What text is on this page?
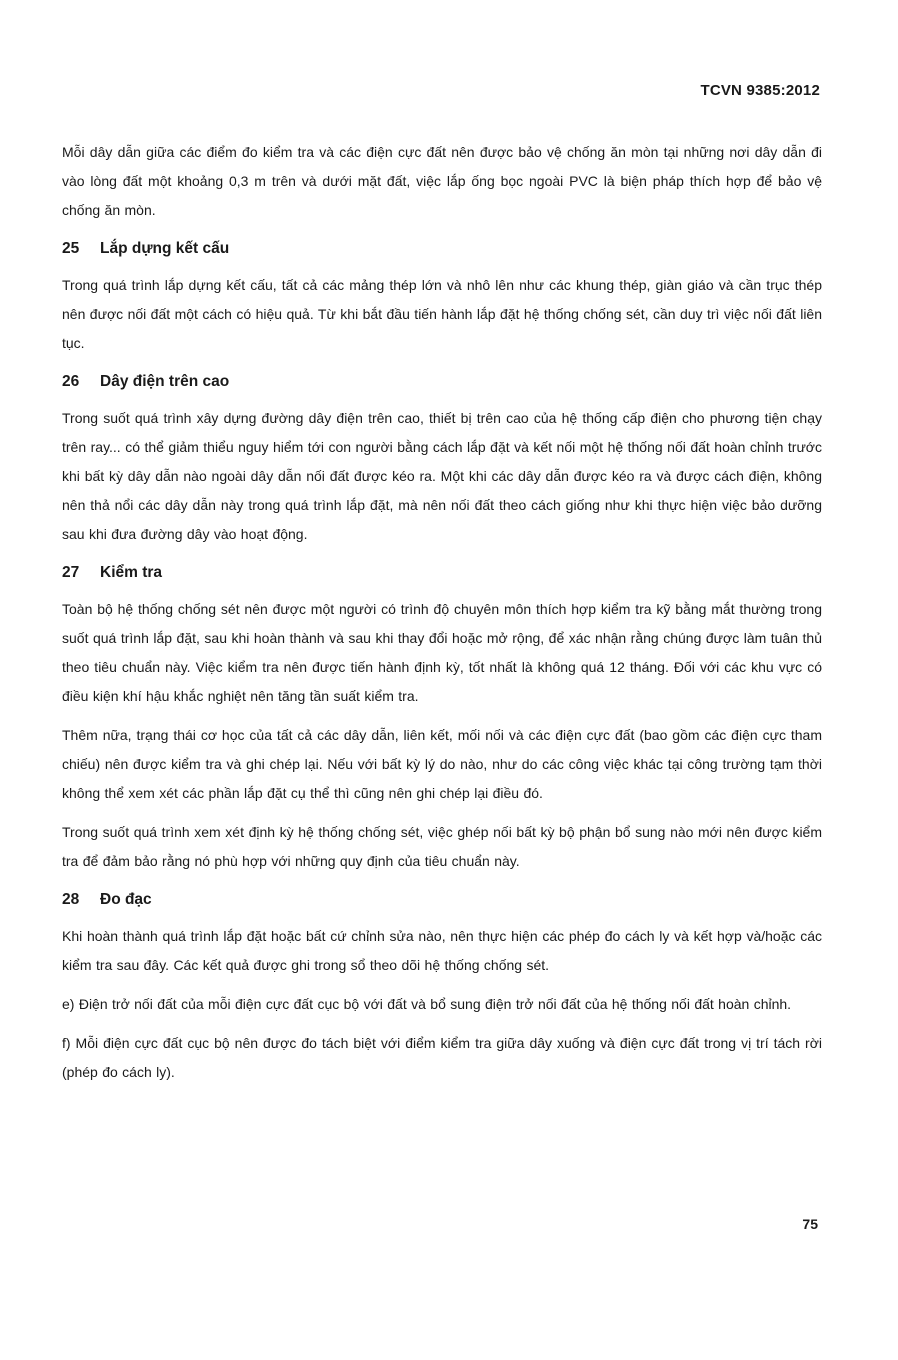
TCVN 9385:2012

Mỗi dây dẫn giữa các điểm đo kiểm tra và các điện cực đất nên được bảo vệ chống ăn mòn tại những nơi dây dẫn đi vào lòng đất một khoảng 0,3 m trên và dưới mặt đất, việc lắp ống bọc ngoài PVC là biện pháp thích hợp để bảo vệ chống ăn mòn.

25 Lắp dựng kết cấu

Trong quá trình lắp dựng kết cấu, tất cả các mảng thép lớn và nhô lên như các khung thép, giàn giáo và cần trục thép nên được nối đất một cách có hiệu quả. Từ khi bắt đầu tiến hành lắp đặt hệ thống chống sét, cần duy trì việc nối đất liên tục.

26 Dây điện trên cao

Trong suốt quá trình xây dựng đường dây điện trên cao, thiết bị trên cao của hệ thống cấp điện cho phương tiện chạy trên ray... có thể giảm thiểu nguy hiểm tới con người bằng cách lắp đặt và kết nối một hệ thống nối đất hoàn chỉnh trước khi bất kỳ dây dẫn nào ngoài dây dẫn nối đất được kéo ra. Một khi các dây dẫn được kéo ra và được cách điện, không nên thả nổi các dây dẫn này trong quá trình lắp đặt, mà nên nối đất theo cách giống như khi thực hiện việc bảo dưỡng sau khi đưa đường dây vào hoạt động.

27 Kiểm tra

Toàn bộ hệ thống chống sét nên được một người có trình độ chuyên môn thích hợp kiểm tra kỹ bằng mắt thường trong suốt quá trình lắp đặt, sau khi hoàn thành và sau khi thay đổi hoặc mở rộng, để xác nhận rằng chúng được làm tuân thủ theo tiêu chuẩn này. Việc kiểm tra nên được tiến hành định kỳ, tốt nhất là không quá 12 tháng. Đối với các khu vực có điều kiện khí hậu khắc nghiệt nên tăng tần suất kiểm tra.

Thêm nữa, trạng thái cơ học của tất cả các dây dẫn, liên kết, mối nối và các điện cực đất (bao gồm các điện cực tham chiếu) nên được kiểm tra và ghi chép lại. Nếu với bất kỳ lý do nào, như do các công việc khác tại công trường tạm thời không thể xem xét các phần lắp đặt cụ thể thì cũng nên ghi chép lại điều đó.

Trong suốt quá trình xem xét định kỳ hệ thống chống sét, việc ghép nối bất kỳ bộ phận bổ sung nào mới nên được kiểm tra để đảm bảo rằng nó phù hợp với những quy định của tiêu chuẩn này.

28 Đo đạc

Khi hoàn thành quá trình lắp đặt hoặc bất cứ chỉnh sửa nào, nên thực hiện các phép đo cách ly và kết hợp và/hoặc các kiểm tra sau đây. Các kết quả được ghi trong sổ theo dõi hệ thống chống sét.

e) Điện trở nối đất của mỗi điện cực đất cục bộ với đất và bổ sung điện trở nối đất của hệ thống nối đất hoàn chỉnh.

f) Mỗi điện cực đất cục bộ nên được đo tách biệt với điểm kiểm tra giữa dây xuống và điện cực đất trong vị trí tách rời (phép đo cách ly).

75
